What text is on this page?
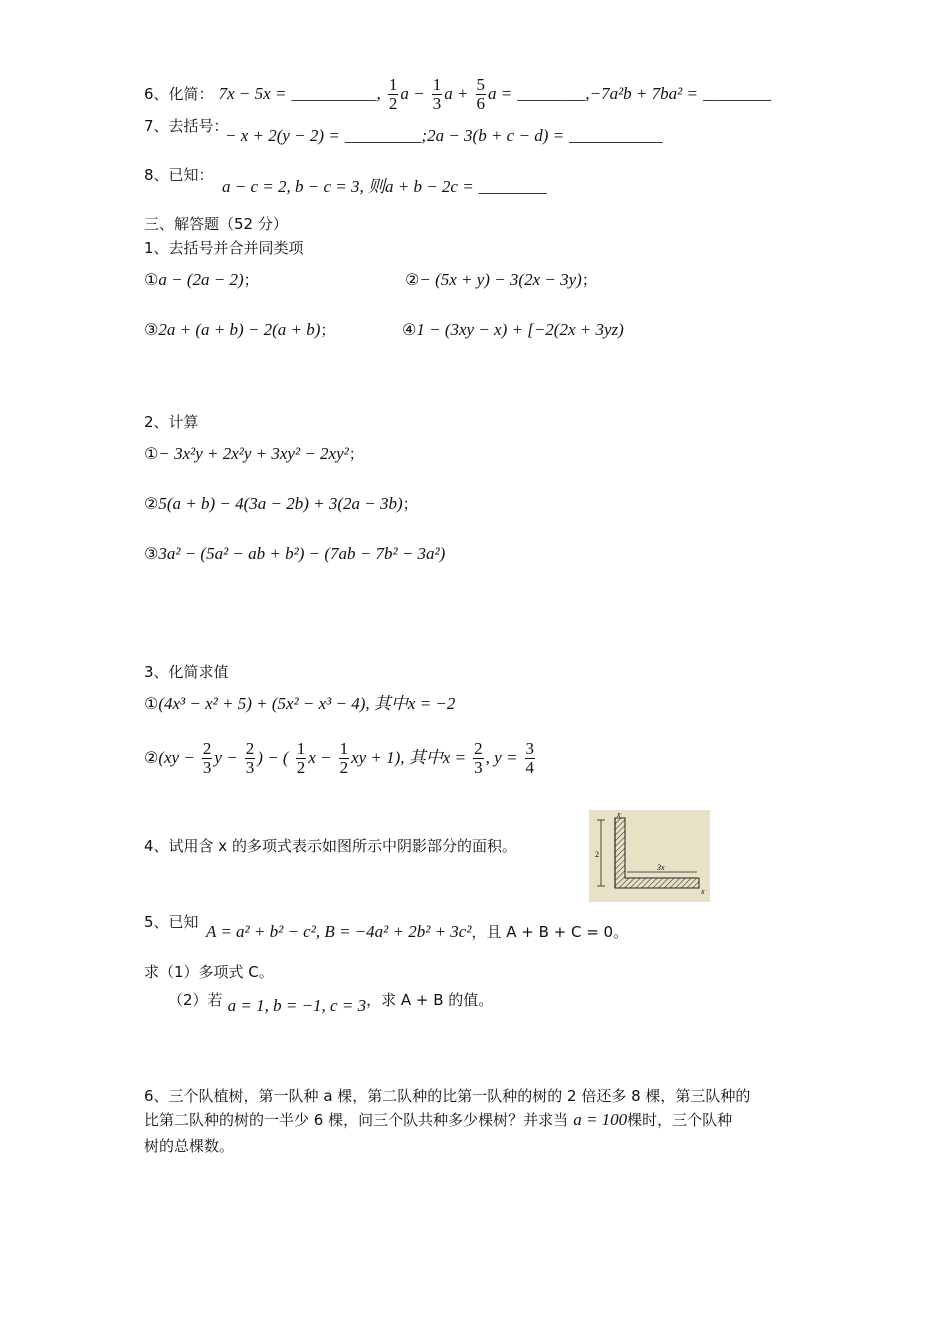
6、化简： 7x − 5x = __________, $\frac{1}{2}$ $a - \frac{1}{3}$ $a + \frac{5}{6}$ a = ________,−7a²b + 7ba² = ________
7、去括号：
− x + 2(y − 2) = _________;2a − 3(b + c − d) = ___________
8、已知：
a − c = 2, b − c = 3, 则a + b − 2c = ________
三、解答题（52 分）
1、去括号并合并同类项
①a − (2a − 2)；	②− (5x + y) − 3(2x − 3y)；
③2a + (a + b) − 2(a + b)；	④1 − (3xy − x) + [−2(2x + 3yz)
2、计算
①− 3x²y + 2x²y + 3xy² − 2xy²；
②5(a + b) − 4(3a − 2b) + 3(2a − 3b)；
③3a² − (5a² − ab + b²) − (7ab − 7b² − 3a²)
3、化简求值
①(4x³ − x² + 5) + (5x² − x³ − 4), 其中x = −2
②(xy − $\frac{2}{3}$ $y - \frac{2}{3}$ ) − ( $\frac{1}{2}$ $x - \frac{1}{2}$ xy + 1), 其中$x = \frac{2}{3}$ , $y = \frac{3}{4}$
4、试用含 x 的多项式表示如图所示中阴影部分的面积。
x
2
3x
x
5、已知 A = a² + b² − c², B = −4a² + 2b² + 3c²，且 A + B + C = 0。
求（1）多项式 C。
（2）若 a = 1, b = −1, c = 3，求 A + B 的值。
6、三个队植树，第一队种 a 棵，第二队种的比第一队种的树的 2 倍还多 8 棵，第三队种的
比第二队种的树的一半少 6 棵，问三个队共种多少棵树？并求当 a = 100棵时，三个队种
树的总棵数。
